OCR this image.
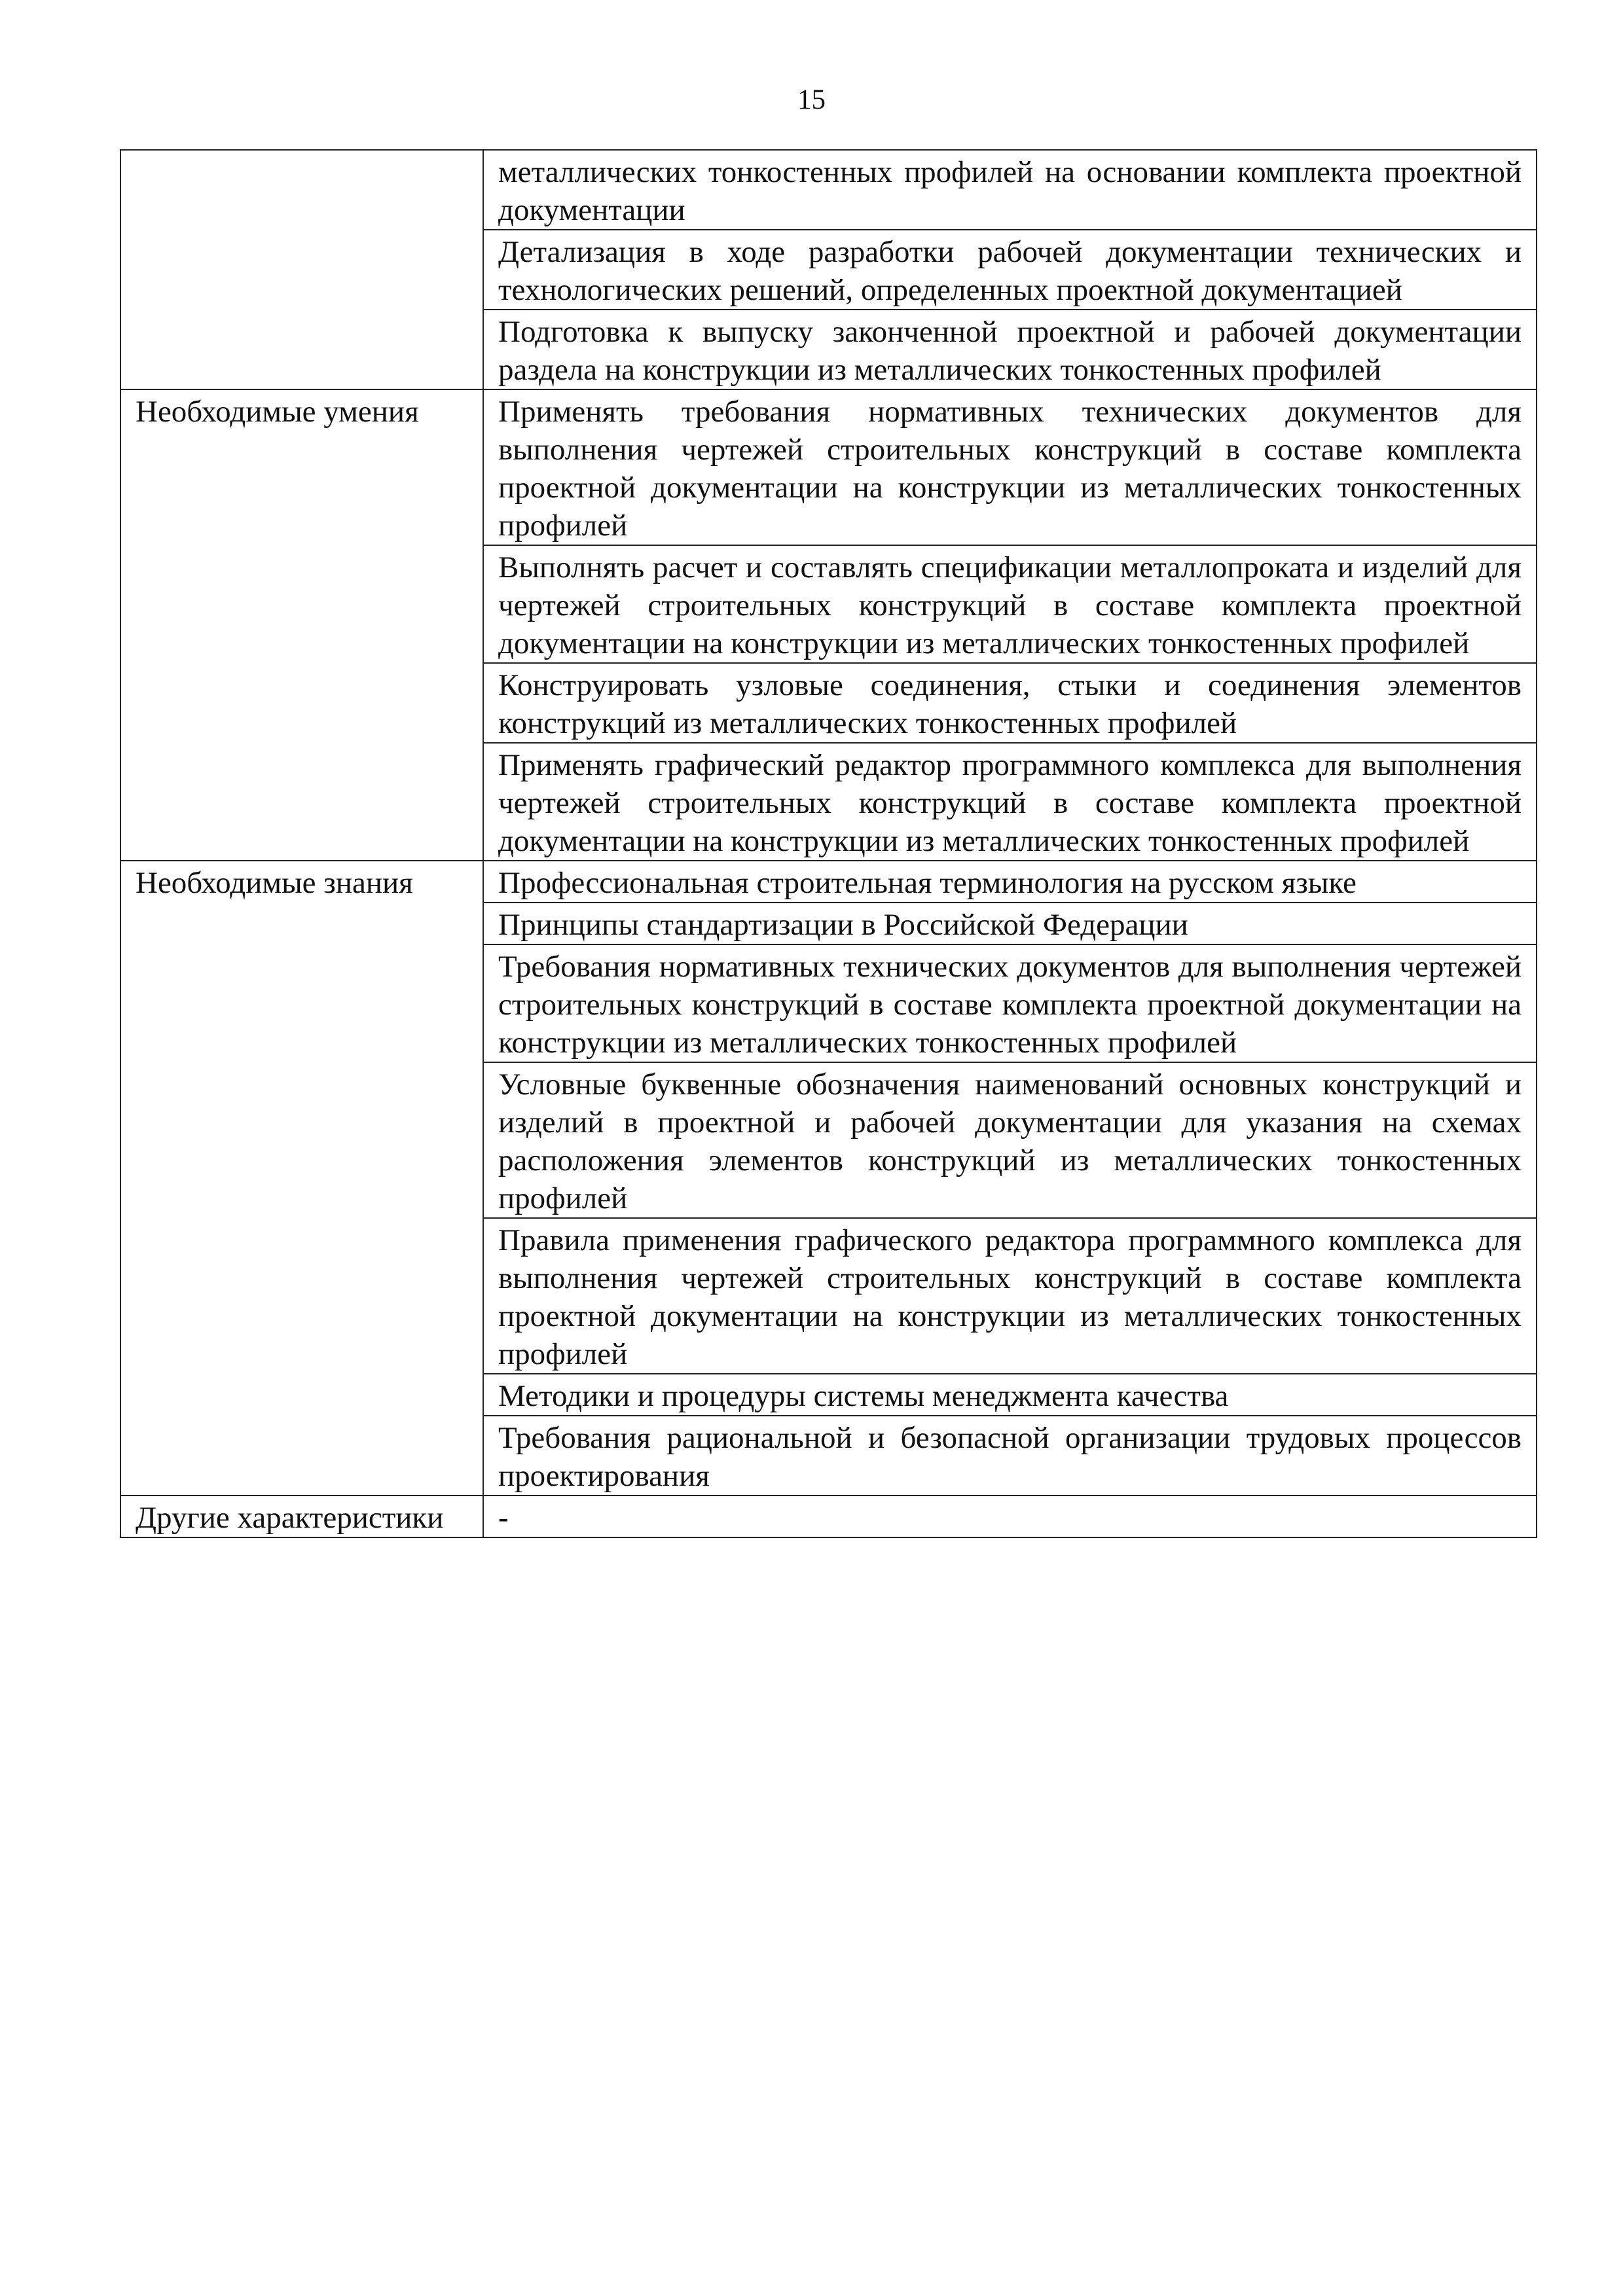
15
	металлических тонкостенных профилей на основании комплекта проектной документации
	Детализация в ходе разработки рабочей документации технических и технологических решений, определенных проектной документацией
	Подготовка к выпуску законченной проектной и рабочей документации раздела на конструкции из металлических тонкостенных профилей
Необходимые умения	Применять требования нормативных технических документов для выполнения чертежей строительных конструкций в составе комплекта проектной документации на конструкции из металлических тонкостенных профилей
	Выполнять расчет и составлять спецификации металлопроката и изделий для чертежей строительных конструкций в составе комплекта проектной документации на конструкции из металлических тонкостенных профилей
	Конструировать узловые соединения, стыки и соединения элементов конструкций из металлических тонкостенных профилей
	Применять графический редактор программного комплекса для выполнения чертежей строительных конструкций в составе комплекта проектной документации на конструкции из металлических тонкостенных профилей
Необходимые знания	Профессиональная строительная терминология на русском языке
	Принципы стандартизации в Российской Федерации
	Требования нормативных технических документов для выполнения чертежей строительных конструкций в составе комплекта проектной документации на конструкции из металлических тонкостенных профилей
	Условные буквенные обозначения наименований основных конструкций и изделий в проектной и рабочей документации для указания на схемах расположения элементов конструкций из металлических тонкостенных профилей
	Правила применения графического редактора программного комплекса для выполнения чертежей строительных конструкций в составе комплекта проектной документации на конструкции из металлических тонкостенных профилей
	Методики и процедуры системы менеджмента качества
	Требования рациональной и безопасной организации трудовых процессов проектирования
Другие характеристики	-
